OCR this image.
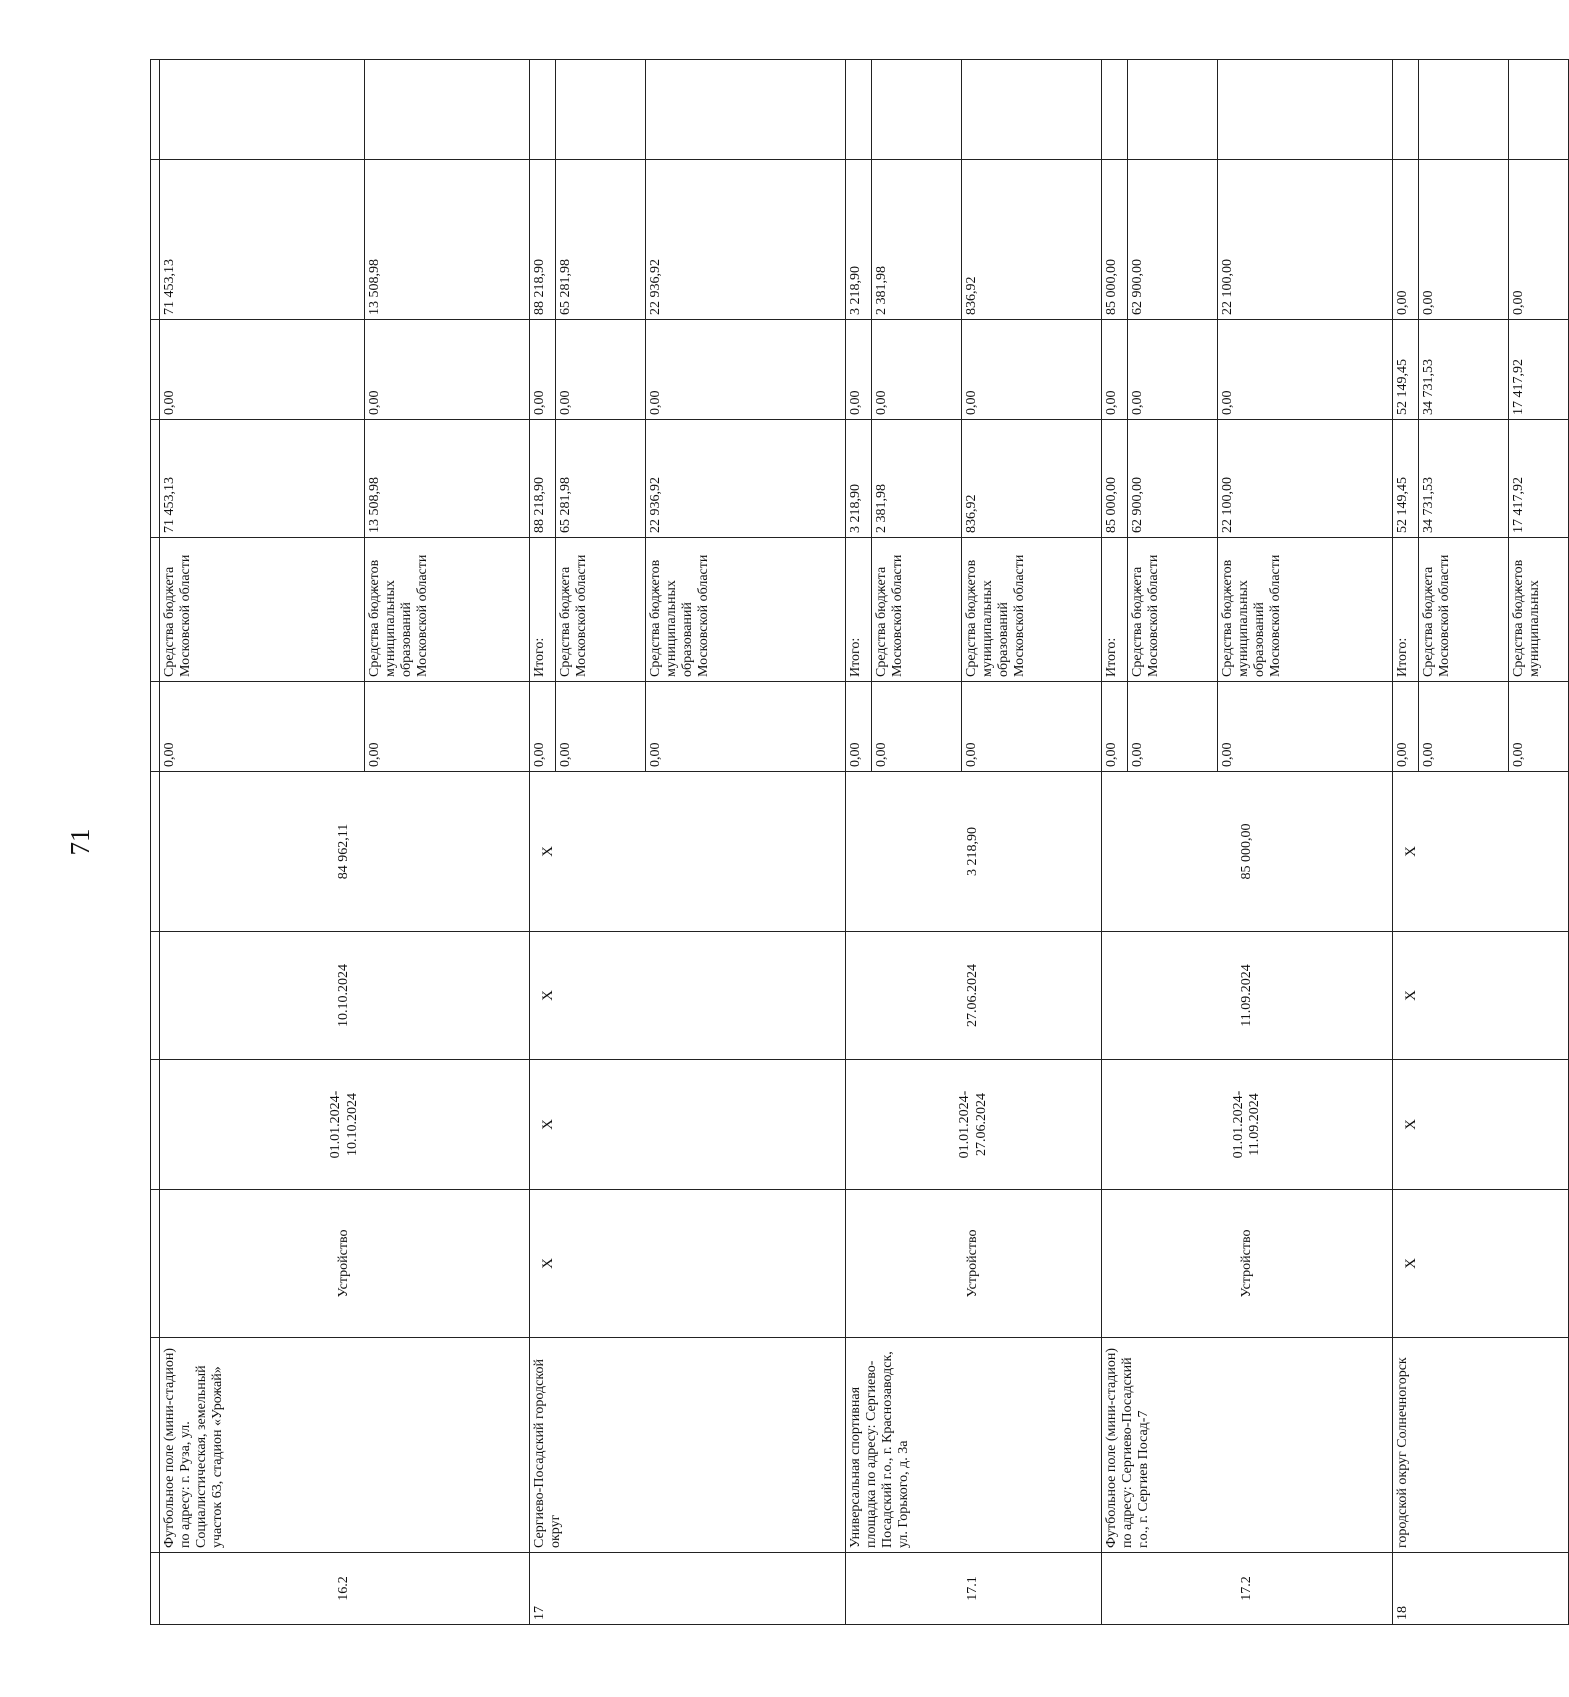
71

16.2	Футбольное поле (мини-стадион) по адресу: г. Руза, ул. Социалистическая, земельный участок 63, стадион «Урожай»	Устройство	01.01.2024-10.10.2024	10.10.2024	84 962,11	0,00	Средства бюджета Московской области	71 453,13	0,00	71 453,13	
						0,00	Средства бюджетов муниципальных образований Московской области	13 508,98	0,00	13 508,98	
17	Сергиево-Посадский городской округ	Х	Х	Х	Х	0,00	Итого:	88 218,90	0,00	88 218,90	
						0,00	Средства бюджета Московской области	65 281,98	0,00	65 281,98	
						0,00	Средства бюджетов муниципальных образований Московской области	22 936,92	0,00	22 936,92	
17.1	Универсальная спортивная площадка по адресу: Сергиево-Посадский г.о., г. Краснозаводск, ул. Горького, д. 3а	Устройство	01.01.2024-27.06.2024	27.06.2024	3 218,90	0,00	Итого:	3 218,90	0,00	3 218,90	
						0,00	Средства бюджета Московской области	2 381,98	0,00	2 381,98	
						0,00	Средства бюджетов муниципальных образований Московской области	836,92	0,00	836,92	
17.2	Футбольное поле (мини-стадион) по адресу: Сергиево-Посадский г.о., г. Сергиев Посад-7	Устройство	01.01.2024-11.09.2024	11.09.2024	85 000,00	0,00	Итого:	85 000,00	0,00	85 000,00	
						0,00	Средства бюджета Московской области	62 900,00	0,00	62 900,00	
						0,00	Средства бюджетов муниципальных образований Московской области	22 100,00	0,00	22 100,00	
18	городской округ Солнечногорск	Х	Х	Х	Х	0,00	Итого:	52 149,45	52 149,45	0,00	
						0,00	Средства бюджета Московской области	34 731,53	34 731,53	0,00	
						0,00	Средства бюджетов муниципальных	17 417,92	17 417,92	0,00	
